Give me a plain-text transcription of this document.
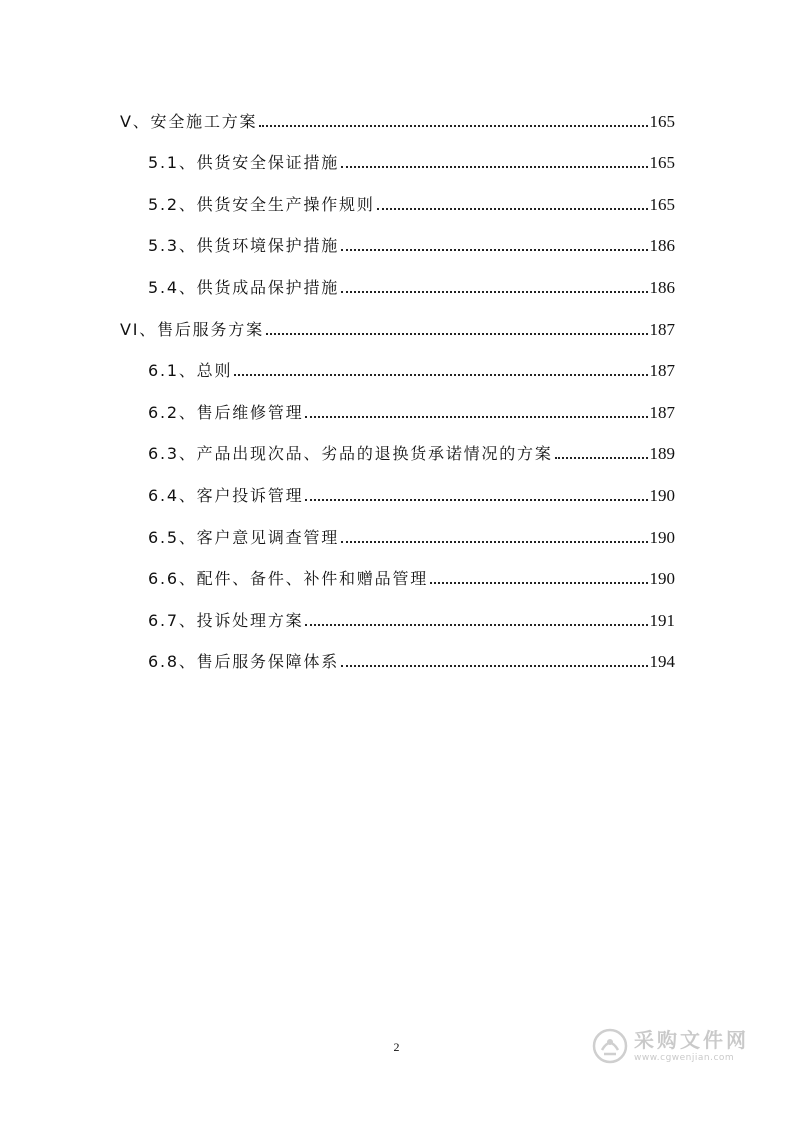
V、安全施工方案	165
5.1、供货安全保证措施	165
5.2、供货安全生产操作规则	165
5.3、供货环境保护措施	186
5.4、供货成品保护措施	186
VI、售后服务方案	187
6.1、总则	187
6.2、售后维修管理	187
6.3、产品出现次品、劣品的退换货承诺情况的方案	189
6.4、客户投诉管理	190
6.5、客户意见调查管理	190
6.6、配件、备件、补件和赠品管理	190
6.7、投诉处理方案	191
6.8、售后服务保障体系	194
2	采购文件网
www.cgwenjian.com
